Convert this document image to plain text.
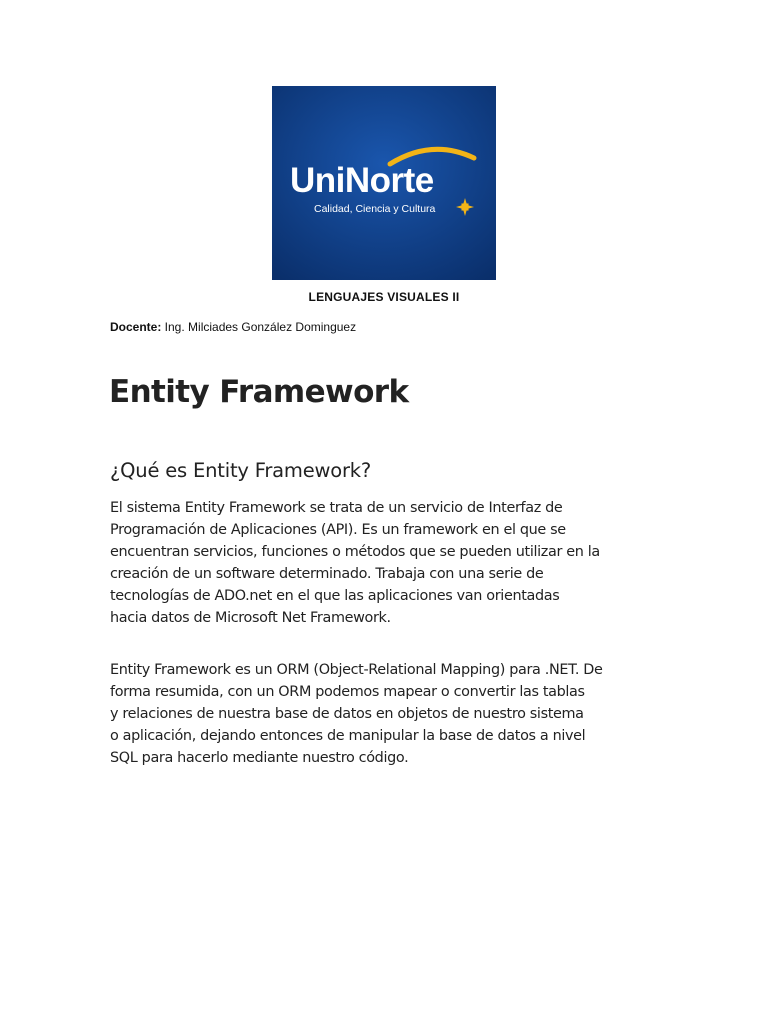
UniNorte
Calidad, Ciencia y Cultura
LENGUAJES VISUALES II
Docente: Ing. Milciades González Dominguez
Entity Framework
¿Qué es Entity Framework?
El sistema Entity Framework se trata de un servicio de Interfaz de
Programación de Aplicaciones (API). Es un framework en el que se
encuentran servicios, funciones o métodos que se pueden utilizar en la
creación de un software determinado. Trabaja con una serie de
tecnologías de ADO.net en el que las aplicaciones van orientadas
hacia datos de Microsoft Net Framework.
Entity Framework es un ORM (Object-Relational Mapping) para .NET. De
forma resumida, con un ORM podemos mapear o convertir las tablas
y relaciones de nuestra base de datos en objetos de nuestro sistema
o aplicación, dejando entonces de manipular la base de datos a nivel
SQL para hacerlo mediante nuestro código.
